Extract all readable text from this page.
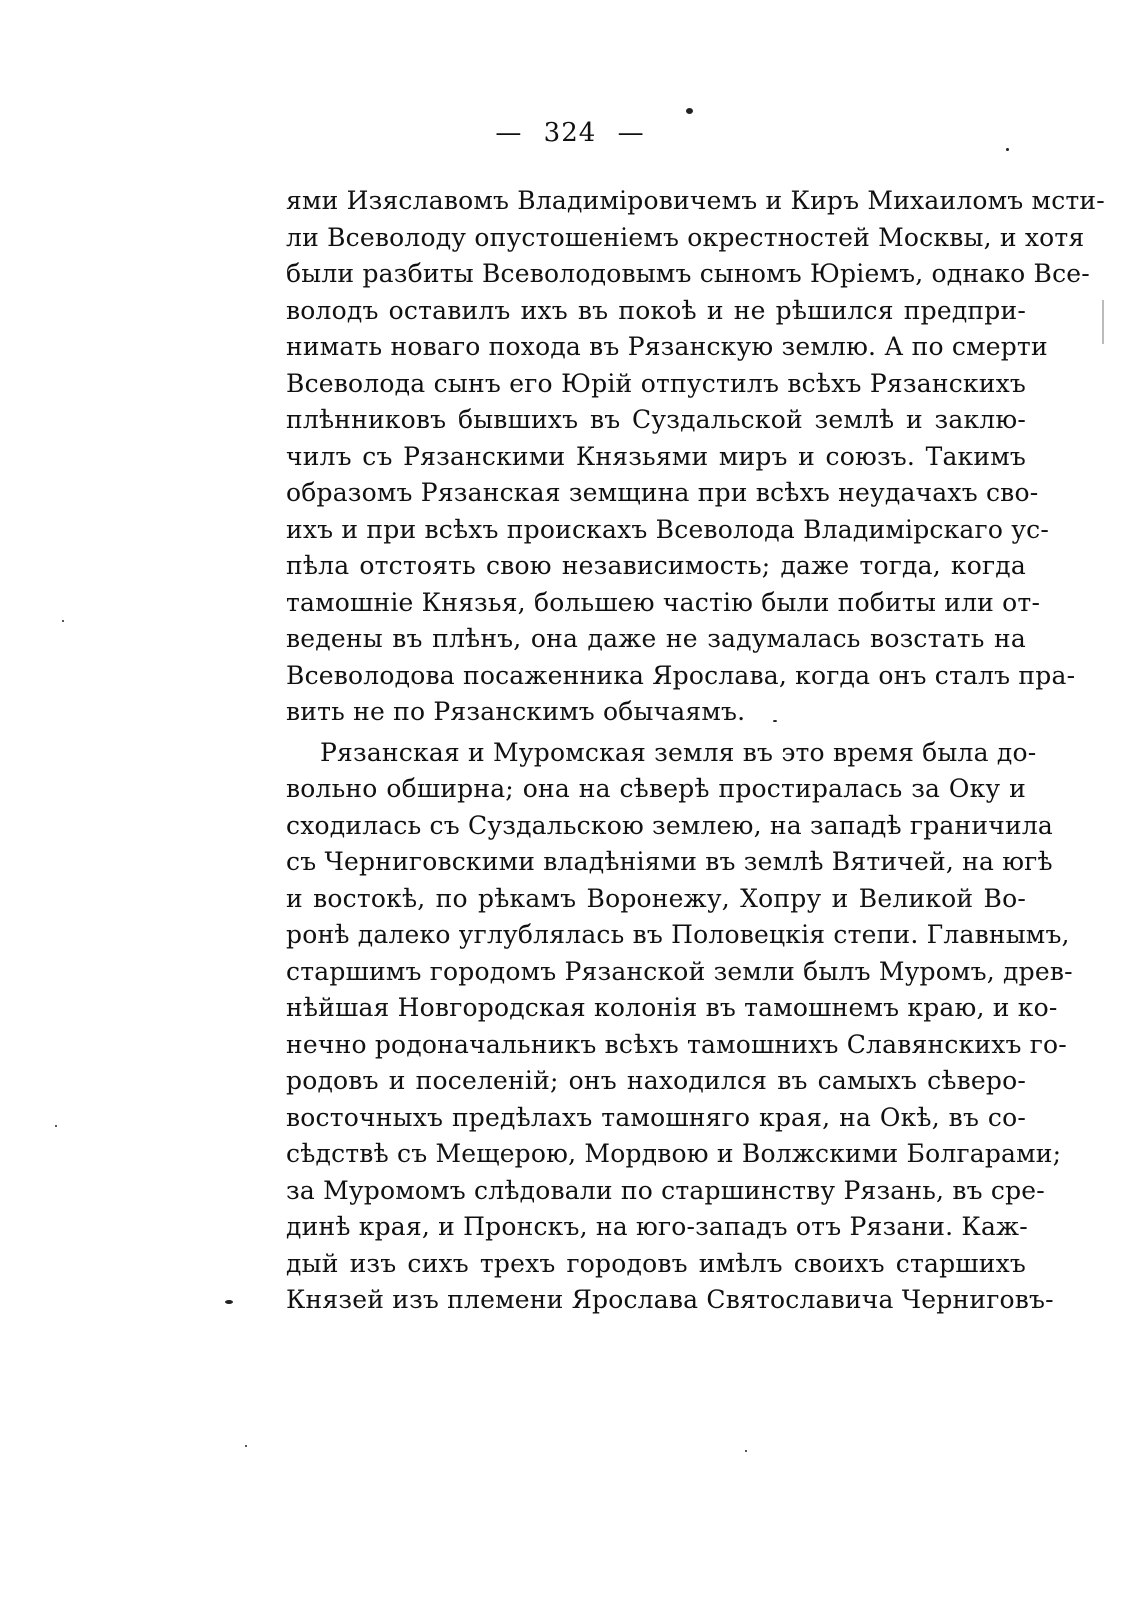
— 324 —
ями Изяславомъ Владиміровичемъ и Киръ Михаиломъ мсти-
ли Всеволоду опустошеніемъ окрестностей Москвы, и хотя
были разбиты Всеволодовымъ сыномъ Юріемъ, однако Все-
володъ оставилъ ихъ въ покоѣ и не рѣшился предпри-
нимать новаго похода въ Рязанскую землю. А по смерти
Всеволода сынъ его Юрій отпустилъ всѣхъ Рязанскихъ
плѣнниковъ бывшихъ въ Суздальской землѣ и заклю-
чилъ съ Рязанскими Князьями миръ и союзъ. Такимъ
образомъ Рязанская земщина при всѣхъ неудачахъ сво-
ихъ и при всѣхъ проискахъ Всеволода Владимірскаго ус-
пѣла отстоять свою независимость; даже тогда, когда
тамошніе Князья, большею частію были побиты или от-
ведены въ плѣнъ, она даже не задумалась возстать на
Всеволодова посаженника Ярослава, когда онъ сталъ пра-
вить не по Рязанскимъ обычаямъ.
Рязанская и Муромская земля въ это время была до-
вольно обширна; она на сѣверѣ простиралась за Оку и
сходилась съ Суздальскою землею, на западѣ граничила
съ Черниговскими владѣніями въ землѣ Вятичей, на югѣ
и востокѣ, по рѣкамъ Воронежу, Хопру и Великой Во-
ронѣ далеко углублялась въ Половецкія степи. Главнымъ,
старшимъ городомъ Рязанской земли былъ Муромъ, древ-
нѣйшая Новгородская колонія въ тамошнемъ краю, и ко-
нечно родоначальникъ всѣхъ тамошнихъ Славянскихъ го-
родовъ и поселеній; онъ находился въ самыхъ сѣверо-
восточныхъ предѣлахъ тамошняго края, на Окѣ, въ со-
сѣдствѣ съ Мещерою, Мордвою и Волжскими Болгарами;
за Муромомъ слѣдовали по старшинству Рязань, въ сре-
динѣ края, и Пронскъ, на юго-западъ отъ Рязани. Каж-
дый изъ сихъ трехъ городовъ имѣлъ своихъ старшихъ
Князей изъ племени Ярослава Святославича Черниговъ-
